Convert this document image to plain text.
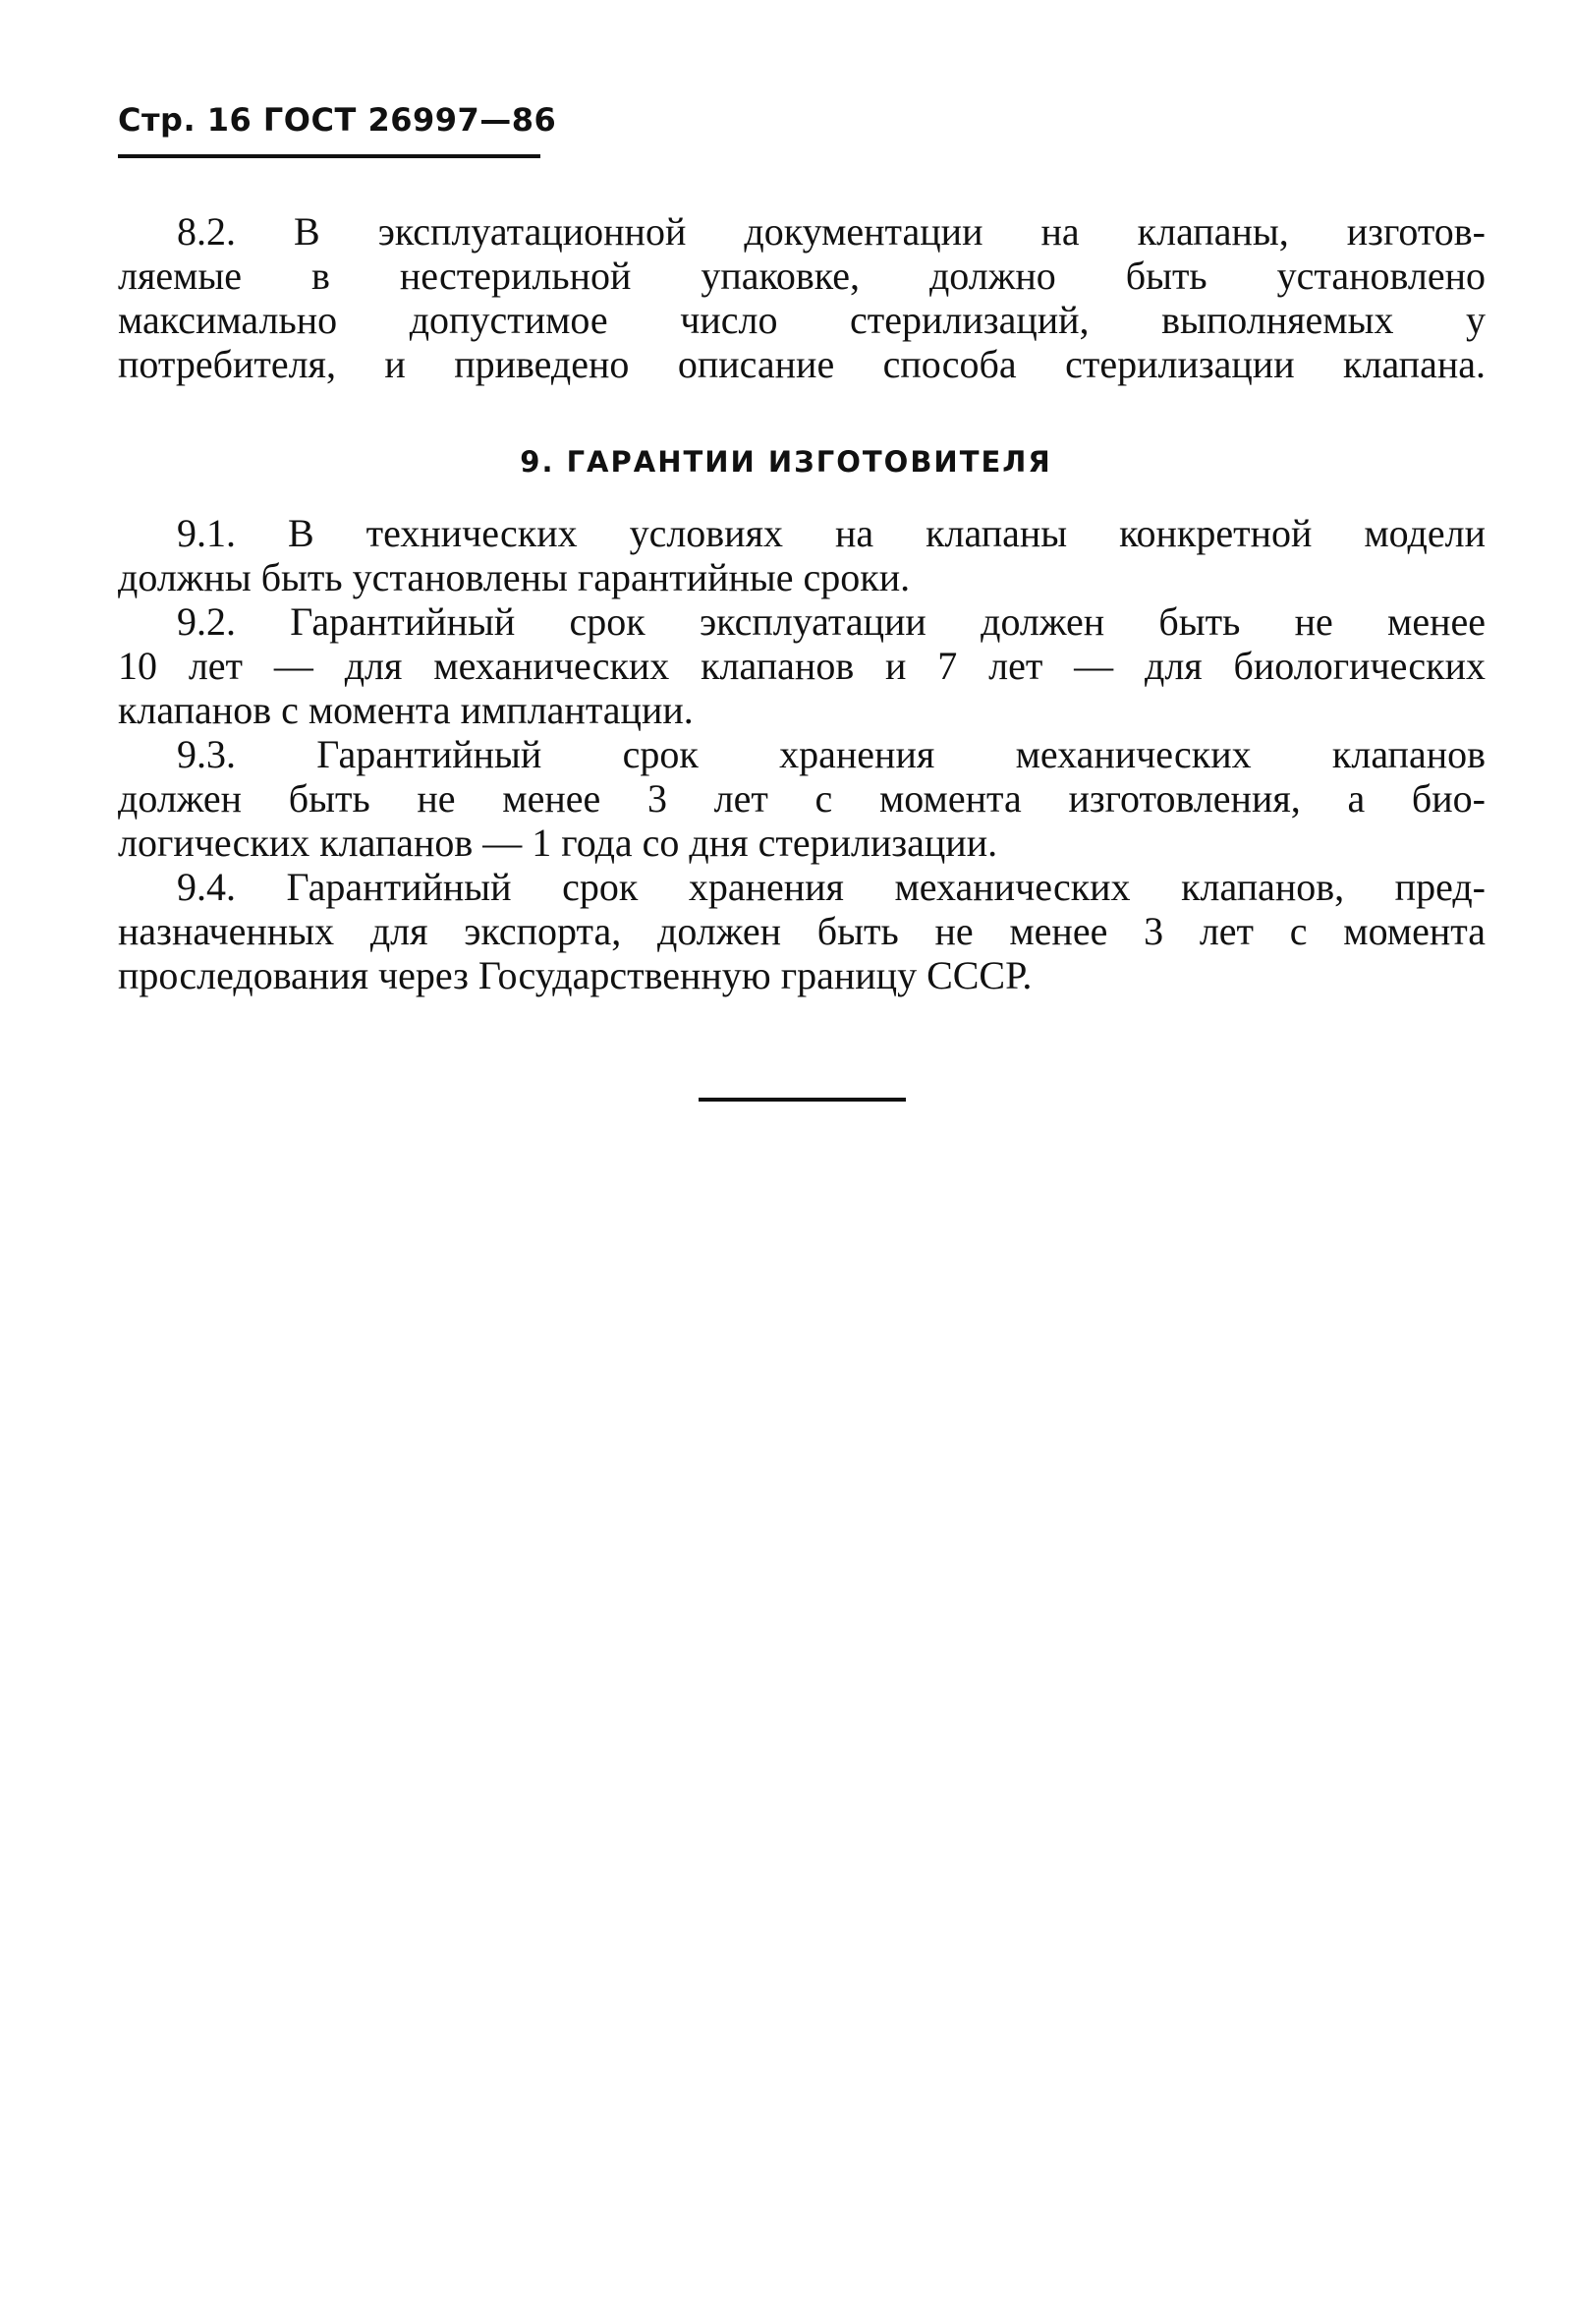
Стр. 16 ГОСТ 26997—86
8.2. В эксплуатационной документации на клапаны, изготов-
ляемые в нестерильной упаковке, должно быть установлено
максимально допустимое число стерилизаций, выполняемых у
потребителя, и приведено описание способа стерилизации клапана.
9. ГАРАНТИИ ИЗГОТОВИТЕЛЯ
9.1. В технических условиях на клапаны конкретной модели
должны быть установлены гарантийные сроки.
9.2. Гарантийный срок эксплуатации должен быть не менее
10 лет — для механических клапанов и 7 лет — для биологических
клапанов с момента имплантации.
9.3. Гарантийный срок хранения механических клапанов
должен быть не менее 3 лет с момента изготовления, а био-
логических клапанов — 1 года со дня стерилизации.
9.4. Гарантийный срок хранения механических клапанов, пред-
назначенных для экспорта, должен быть не менее 3 лет с момента
проследования через Государственную границу СССР.
